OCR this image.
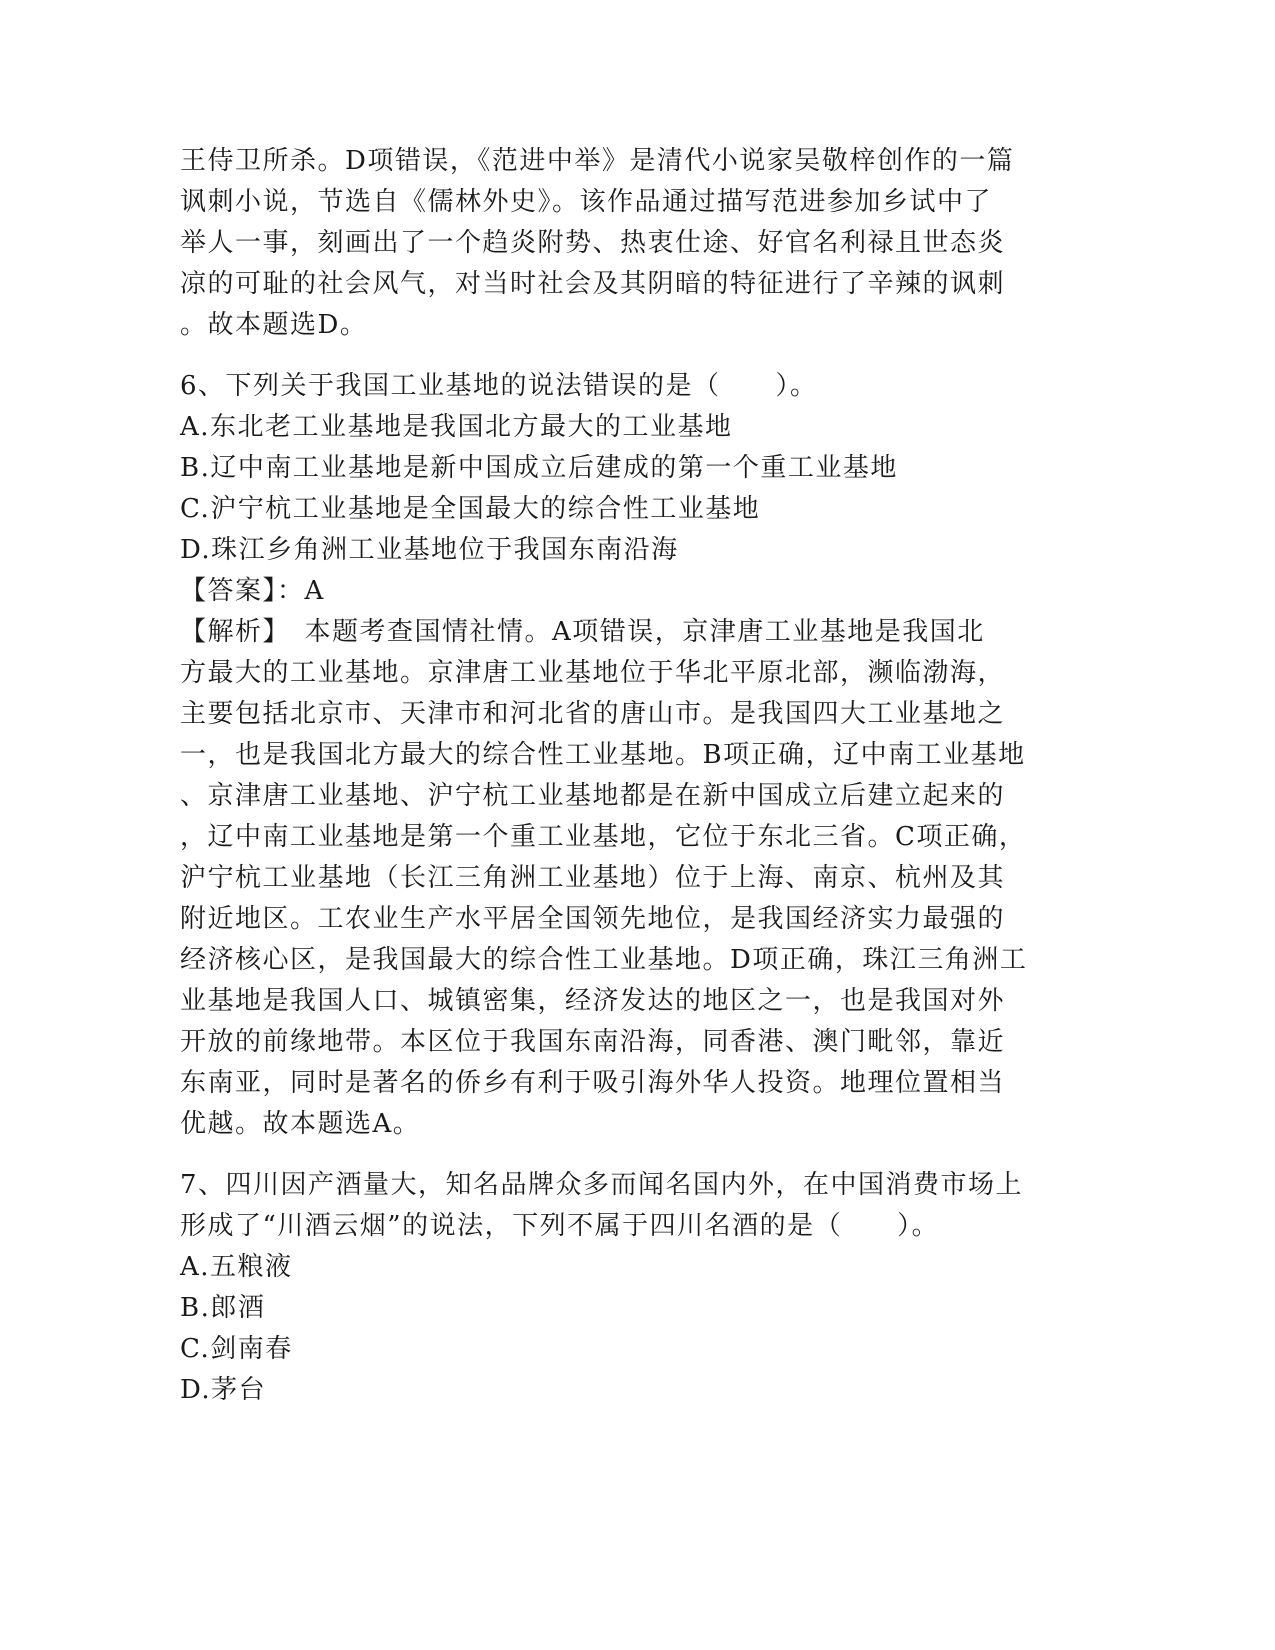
王侍卫所杀。D项错误，《范进中举》是清代小说家吴敬梓创作的一篇
讽刺小说，节选自《儒林外史》。该作品通过描写范进参加乡试中了
举人一事，刻画出了一个趋炎附势、热衷仕途、好官名利禄且世态炎
凉的可耻的社会风气，对当时社会及其阴暗的特征进行了辛辣的讽刺
。故本题选D。
6、下列关于我国工业基地的说法错误的是（　　）。
A.东北老工业基地是我国北方最大的工业基地
B.辽中南工业基地是新中国成立后建成的第一个重工业基地
C.沪宁杭工业基地是全国最大的综合性工业基地
D.珠江乡角洲工业基地位于我国东南沿海
【答案】：A
【解析】　本题考查国情社情。A项错误，京津唐工业基地是我国北
方最大的工业基地。京津唐工业基地位于华北平原北部，濒临渤海，
主要包括北京市、天津市和河北省的唐山市。是我国四大工业基地之
一，也是我国北方最大的综合性工业基地。B项正确，辽中南工业基地
、京津唐工业基地、沪宁杭工业基地都是在新中国成立后建立起来的
，辽中南工业基地是第一个重工业基地，它位于东北三省。C项正确，
沪宁杭工业基地（长江三角洲工业基地）位于上海、南京、杭州及其
附近地区。工农业生产水平居全国领先地位，是我国经济实力最强的
经济核心区，是我国最大的综合性工业基地。D项正确，珠江三角洲工
业基地是我国人口、城镇密集，经济发达的地区之一，也是我国对外
开放的前缘地带。本区位于我国东南沿海，同香港、澳门毗邻，靠近
东南亚，同时是著名的侨乡有利于吸引海外华人投资。地理位置相当
优越。故本题选A。
7、四川因产酒量大，知名品牌众多而闻名国内外，在中国消费市场上
形成了“川酒云烟”的说法，下列不属于四川名酒的是（　　）。
A.五粮液
B.郎酒
C.剑南春
D.茅台
